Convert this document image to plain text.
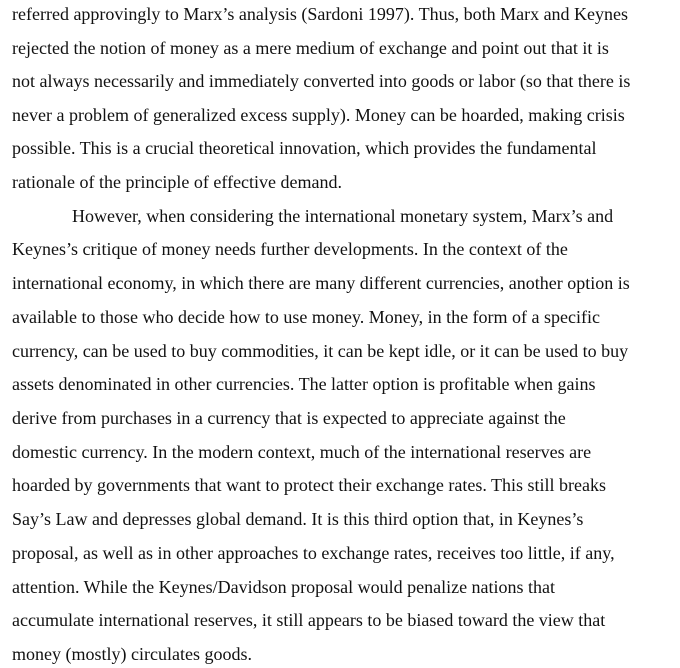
referred approvingly to Marx’s analysis (Sardoni 1997). Thus, both Marx and Keynes
rejected the notion of money as a mere medium of exchange and point out that it is
not always necessarily and immediately converted into goods or labor (so that there is
never a problem of generalized excess supply). Money can be hoarded, making crisis
possible. This is a crucial theoretical innovation, which provides the fundamental
rationale of the principle of effective demand.
However, when considering the international monetary system, Marx’s and
Keynes’s critique of money needs further developments. In the context of the
international economy, in which there are many different currencies, another option is
available to those who decide how to use money. Money, in the form of a specific
currency, can be used to buy commodities, it can be kept idle, or it can be used to buy
assets denominated in other currencies. The latter option is profitable when gains
derive from purchases in a currency that is expected to appreciate against the
domestic currency. In the modern context, much of the international reserves are
hoarded by governments that want to protect their exchange rates. This still breaks
Say’s Law and depresses global demand. It is this third option that, in Keynes’s
proposal, as well as in other approaches to exchange rates, receives too little, if any,
attention. While the Keynes/Davidson proposal would penalize nations that
accumulate international reserves, it still appears to be biased toward the view that
money (mostly) circulates goods.
